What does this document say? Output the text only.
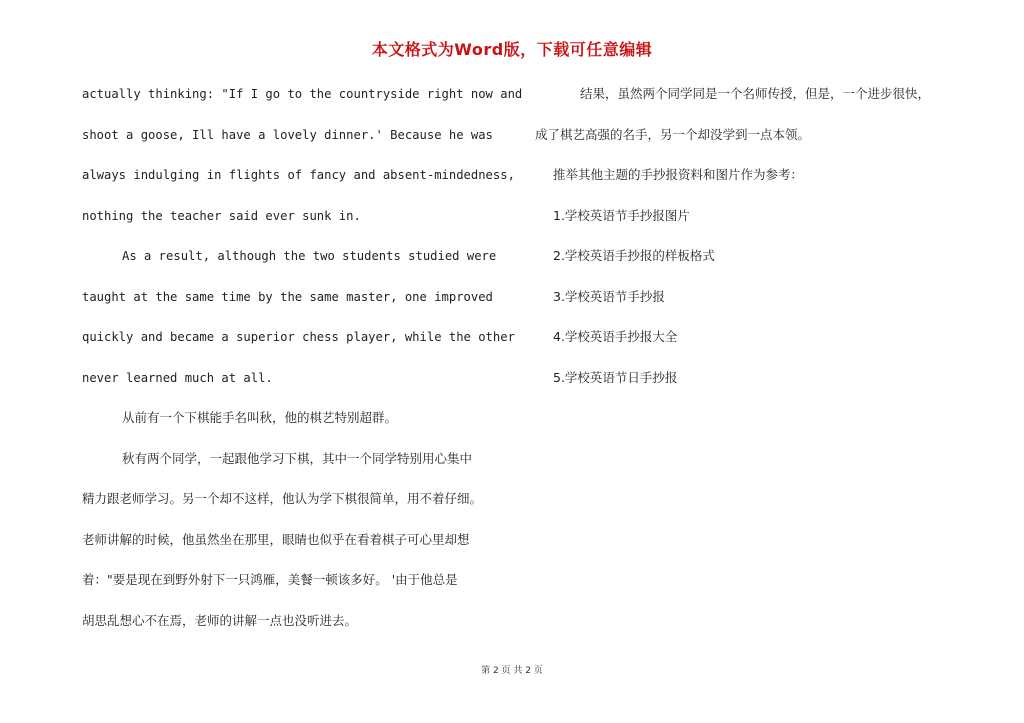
本文格式为Word版，下载可任意编辑
actually thinking: "If I go to the countryside right now and
shoot a goose, Ill have a lovely dinner.' Because he was
always indulging in flights of fancy and absent-mindedness,
nothing the teacher said ever sunk in.
As a result, although the two students studied were
taught at the same time by the same master, one improved
quickly and became a superior chess player, while the other
never learned much at all.
从前有一个下棋能手名叫秋，他的棋艺特别超群。
秋有两个同学，一起跟他学习下棋，其中一个同学特别用心集中
精力跟老师学习。另一个却不这样，他认为学下棋很简单，用不着仔细。
老师讲解的时候，他虽然坐在那里，眼睛也似乎在看着棋子可心里却想
着："要是现在到野外射下一只鸿雁，美餐一顿该多好。 '由于他总是
胡思乱想心不在焉，老师的讲解一点也没听进去。
结果，虽然两个同学同是一个名师传授，但是，一个进步很快，
成了棋艺高强的名手，另一个却没学到一点本领。
推举其他主题的手抄报资料和图片作为参考：
1.学校英语节手抄报图片
2.学校英语手抄报的样板格式
3.学校英语节手抄报
4.学校英语手抄报大全
5.学校英语节日手抄报
第 2 页 共 2 页
